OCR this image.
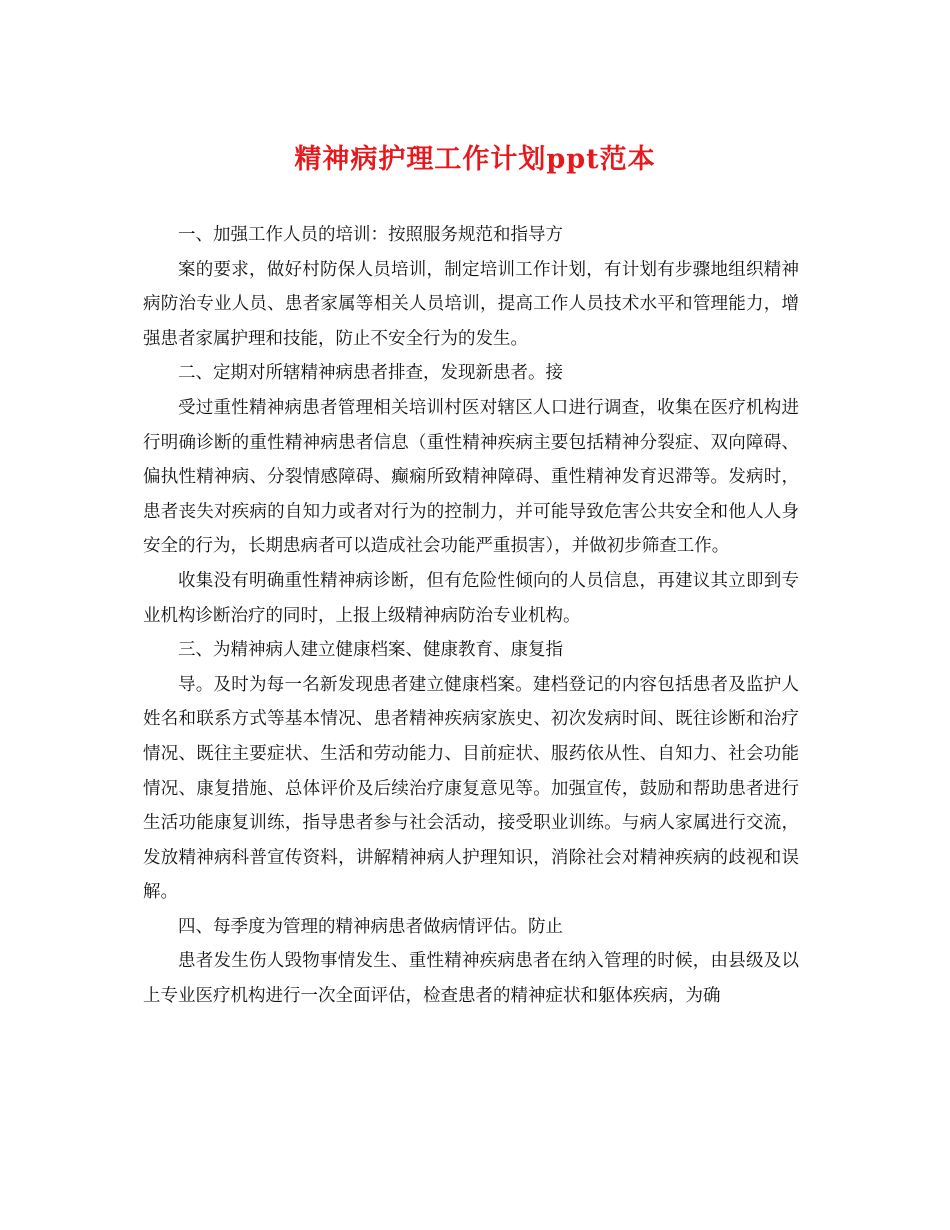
精神病护理工作计划ppt范本

一、加强工作人员的培训：按照服务规范和指导方

案的要求，做好村防保人员培训，制定培训工作计划，有计划有步骤地组织精神病防治专业人员、患者家属等相关人员培训，提高工作人员技术水平和管理能力，增强患者家属护理和技能，防止不安全行为的发生。

二、定期对所辖精神病患者排查，发现新患者。接

受过重性精神病患者管理相关培训村医对辖区人口进行调查，收集在医疗机构进行明确诊断的重性精神病患者信息（重性精神疾病主要包括精神分裂症、双向障碍、偏执性精神病、分裂情感障碍、癫痫所致精神障碍、重性精神发育迟滞等。发病时，患者丧失对疾病的自知力或者对行为的控制力，并可能导致危害公共安全和他人人身安全的行为，长期患病者可以造成社会功能严重损害），并做初步筛查工作。

收集没有明确重性精神病诊断，但有危险性倾向的人员信息，再建议其立即到专业机构诊断治疗的同时，上报上级精神病防治专业机构。

三、为精神病人建立健康档案、健康教育、康复指

导。及时为每一名新发现患者建立健康档案。建档登记的内容包括患者及监护人姓名和联系方式等基本情况、患者精神疾病家族史、初次发病时间、既往诊断和治疗情况、既往主要症状、生活和劳动能力、目前症状、服药依从性、自知力、社会功能情况、康复措施、总体评价及后续治疗康复意见等。加强宣传，鼓励和帮助患者进行生活功能康复训练，指导患者参与社会活动，接受职业训练。与病人家属进行交流，发放精神病科普宣传资料，讲解精神病人护理知识，消除社会对精神疾病的歧视和误解。

四、每季度为管理的精神病患者做病情评估。防止

患者发生伤人毁物事情发生、重性精神疾病患者在纳入管理的时候，由县级及以上专业医疗机构进行一次全面评估，检查患者的精神症状和躯体疾病，为确
